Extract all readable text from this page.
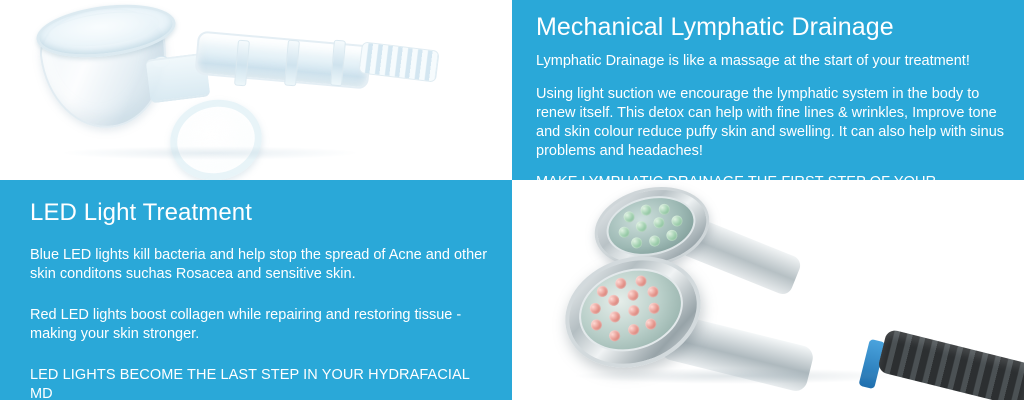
Mechanical Lymphatic Drainage

Lymphatic Drainage is like a massage at the start of your treatment!

Using light suction we encourage the lymphatic system in the body to renew itself. This detox can help with fine lines & wrinkles, Improve tone and skin colour reduce puffy skin and swelling. It can also help with sinus problems and headaches!

LED Light Treatment

Blue LED lights kill bacteria and help stop the spread of Acne and other skin conditons suchas Rosacea and sensitive skin.

Red LED lights boost collagen while repairing and restoring tissue - making your skin stronger.

LED LIGHTS BECOME THE LAST STEP IN YOUR HYDRAFACIAL MD
